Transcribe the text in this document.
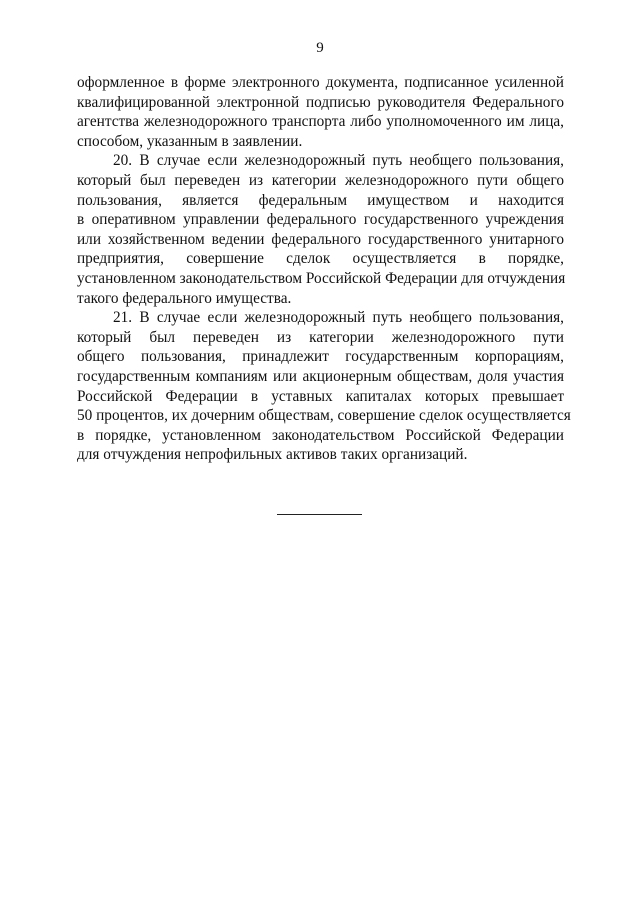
9
оформленное в форме электронного документа, подписанное усиленной
квалифицированной электронной подписью руководителя Федерального
агентства железнодорожного транспорта либо уполномоченного им лица,
способом, указанным в заявлении.
20. В случае если железнодорожный путь необщего пользования,
который был переведен из категории железнодорожного пути общего
пользования, является федеральным имуществом и находится
в оперативном управлении федерального государственного учреждения
или хозяйственном ведении федерального государственного унитарного
предприятия, совершение сделок осуществляется в порядке,
установленном законодательством Российской Федерации для отчуждения
такого федерального имущества.
21. В случае если железнодорожный путь необщего пользования,
который был переведен из категории железнодорожного пути
общего пользования, принадлежит государственным корпорациям,
государственным компаниям или акционерным обществам, доля участия
Российской Федерации в уставных капиталах которых превышает
50 процентов, их дочерним обществам, совершение сделок осуществляется
в порядке, установленном законодательством Российской Федерации
для отчуждения непрофильных активов таких организаций.
